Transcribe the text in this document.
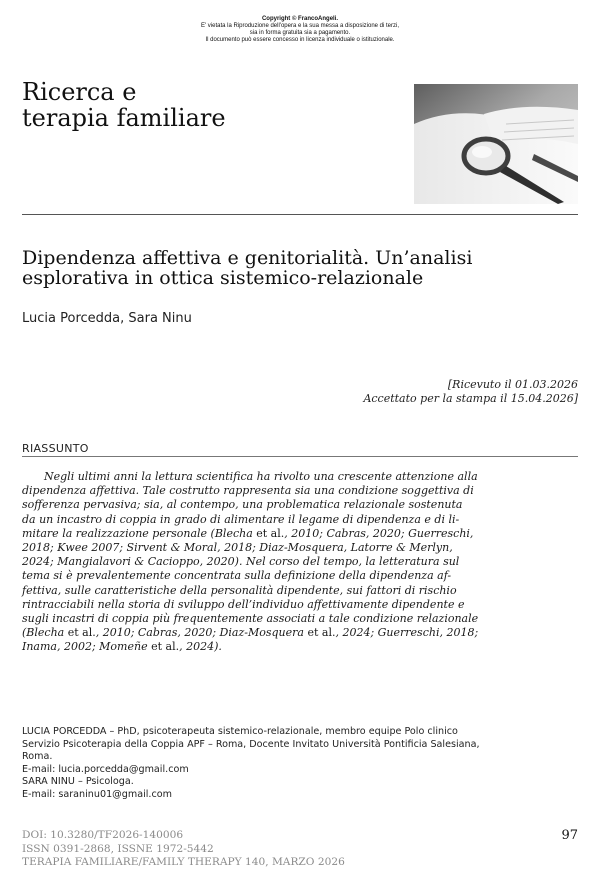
Copyright © FrancoAngeli.
E' vietata la Riproduzione dell'opera e la sua messa a disposizione di terzi,
sia in forma gratuita sia a pagamento.
Il documento può essere concesso in licenza individuale o istituzionale.
Ricerca e
terapia familiare
Dipendenza affettiva e genitorialità. Un’analisi
esplorativa in ottica sistemico-relazionale
Lucia Porcedda, Sara Ninu
[Ricevuto il 01.03.2026
Accettato per la stampa il 15.04.2026]
RIASSUNTO
Negli ultimi anni la lettura scientifica ha rivolto una crescente attenzione alla
dipendenza affettiva. Tale costrutto rappresenta sia una condizione soggettiva di
sofferenza pervasiva; sia, al contempo, una problematica relazionale sostenuta
da un incastro di coppia in grado di alimentare il legame di dipendenza e di li-
mitare la realizzazione personale (Blecha et al., 2010; Cabras, 2020; Guerreschi,
2018; Kwee 2007; Sirvent & Moral, 2018; Diaz-Mosquera, Latorre & Merlyn,
2024; Mangialavori & Cacioppo, 2020). Nel corso del tempo, la letteratura sul
tema si è prevalentemente concentrata sulla definizione della dipendenza af-
fettiva, sulle caratteristiche della personalità dipendente, sui fattori di rischio
rintracciabili nella storia di sviluppo dell’individuo affettivamente dipendente e
sugli incastri di coppia più frequentemente associati a tale condizione relazionale
(Blecha et al., 2010; Cabras, 2020; Diaz-Mosquera et al., 2024; Guerreschi, 2018;
Inama, 2002; Momeñe et al., 2024).
LUCIA PORCEDDA – PhD, psicoterapeuta sistemico-relazionale, membro equipe Polo clinico
Servizio Psicoterapia della Coppia APF – Roma, Docente Invitato Università Pontificia Salesiana,
Roma.
E-mail: lucia.porcedda@gmail.com
SARA NINU – Psicologa.
E-mail: saraninu01@gmail.com
DOI: 10.3280/TF2026-140006
ISSN 0391-2868, ISSNE 1972-5442
TERAPIA FAMILIARE/FAMILY THERAPY 140, MARZO 2026
97
